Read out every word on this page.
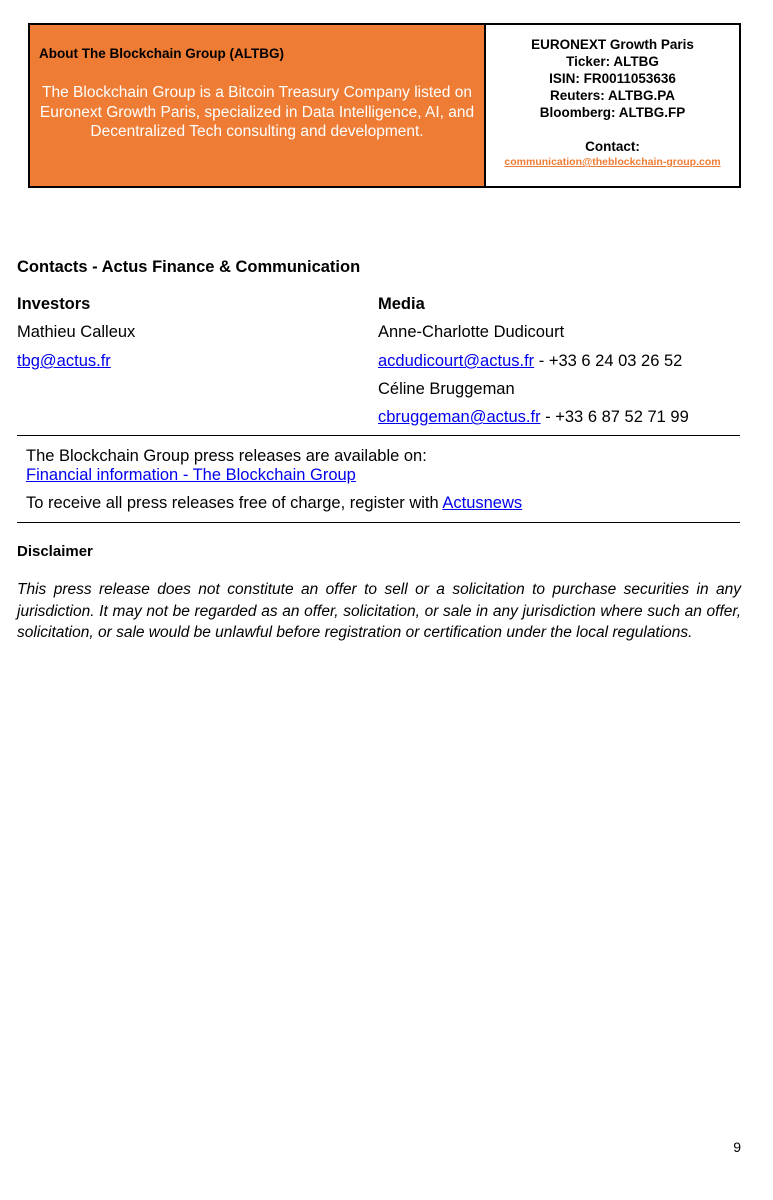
About The Blockchain Group (ALTBG)
The Blockchain Group is a Bitcoin Treasury Company listed on Euronext Growth Paris, specialized in Data Intelligence, AI, and Decentralized Tech consulting and development.
EURONEXT Growth Paris
Ticker: ALTBG
ISIN: FR0011053636
Reuters: ALTBG.PA
Bloomberg: ALTBG.FP
Contact:
communication@theblockchain-group.com
Contacts - Actus Finance & Communication
Investors
Mathieu Calleux
tbg@actus.fr
Media
Anne-Charlotte Dudicourt
acdudicourt@actus.fr - +33 6 24 03 26 52
Céline Bruggeman
cbruggeman@actus.fr - +33 6 87 52 71 99
The Blockchain Group press releases are available on:
Financial information - The Blockchain Group
To receive all press releases free of charge, register with Actusnews
Disclaimer
This press release does not constitute an offer to sell or a solicitation to purchase securities in any jurisdiction. It may not be regarded as an offer, solicitation, or sale in any jurisdiction where such an offer, solicitation, or sale would be unlawful before registration or certification under the local regulations.
9
